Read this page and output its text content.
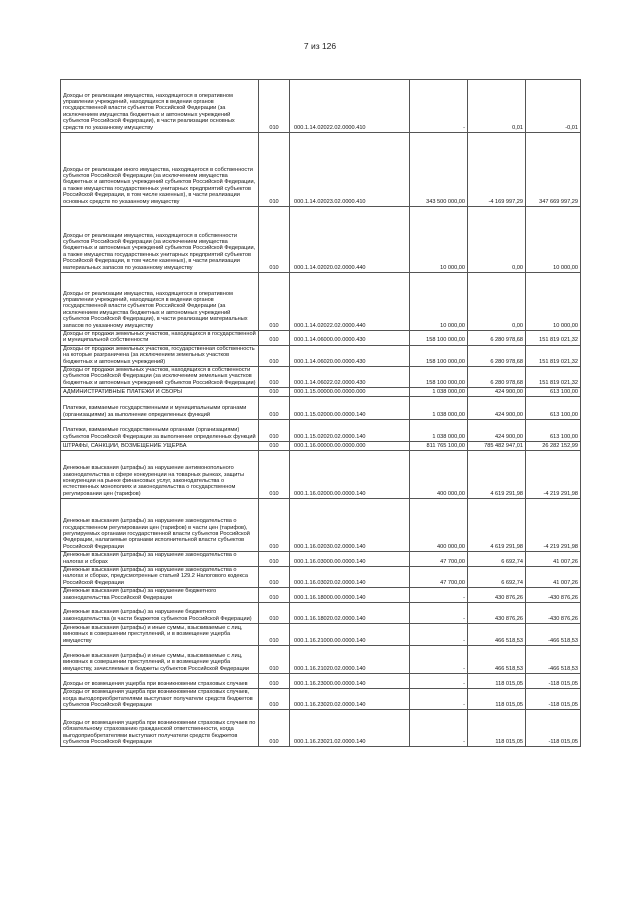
7 из 126
Доходы от реализации имущества, находящегося в оперативном управлении учреждений, находящихся в ведении органов государственной власти субъектов Российской Федерации (за исключением имущества бюджетных и автономных учреждений субъектов Российской Федерации), в части реализации основных средств по указанному имуществу	010	000.1.14.02022.02.0000.410	-	0,01	-0,01
Доходы от реализации иного имущества, находящегося в собственности субъектов Российской Федерации (за исключением имущества бюджетных и автономных учреждений субъектов Российской Федерации, а также имущества государственных унитарных предприятий субъектов Российской Федерации, в том числе казенных), в части реализации основных средств по указанному имуществу	010	000.1.14.02023.02.0000.410	343 500 000,00	-4 169 997,29	347 669 997,29
Доходы от реализации имущества, находящегося в собственности субъектов Российской Федерации (за исключением имущества бюджетных и автономных учреждений субъектов Российской Федерации, а также имущества государственных унитарных предприятий субъектов Российской Федерации, в том числе казенных), в части реализации материальных запасов по указанному имуществу	010	000.1.14.02020.02.0000.440	10 000,00	0,00	10 000,00
Доходы от реализации имущества, находящегося в оперативном управлении учреждений, находящихся в ведении органов государственной власти субъектов Российской Федерации (за исключением имущества бюджетных и автономных учреждений субъектов Российской Федерации), в части реализации материальных запасов по указанному имуществу	010	000.1.14.02022.02.0000.440	10 000,00	0,00	10 000,00
Доходы от продажи земельных участков, находящихся в государственной и муниципальной собственности	010	000.1.14.06000.00.0000.430	158 100 000,00	6 280 978,68	151 819 021,32
Доходы от продажи земельных участков, государственная собственность на которые разграничена (за исключением земельных участков бюджетных и автономных учреждений)	010	000.1.14.06020.00.0000.430	158 100 000,00	6 280 978,68	151 819 021,32
Доходы от продажи земельных участков, находящихся в собственности субъектов Российской Федерации (за исключением земельных участков бюджетных и автономных учреждений субъектов Российской Федерации)	010	000.1.14.06022.02.0000.430	158 100 000,00	6 280 978,68	151 819 021,32
АДМИНИСТРАТИВНЫЕ ПЛАТЕЖИ И СБОРЫ	010	000.1.15.00000.00.0000.000	1 038 000,00	424 900,00	613 100,00
Платежи, взимаемые государственными и муниципальными органами (организациями) за выполнение определенных функций	010	000.1.15.02000.00.0000.140	1 038 000,00	424 900,00	613 100,00
Платежи, взимаемые государственными органами (организациями) субъектов Российской Федерации за выполнение определенных функций	010	000.1.15.02020.02.0000.140	1 038 000,00	424 900,00	613 100,00
ШТРАФЫ, САНКЦИИ, ВОЗМЕЩЕНИЕ УЩЕРБА	010	000.1.16.00000.00.0000.000	811 765 100,00	785 482 947,01	26 282 152,99
Денежные взыскания (штрафы) за нарушение антимонопольного законодательства в сфере конкуренции на товарных рынках, защиты конкуренции на рынке финансовых услуг, законодательства о естественных монополиях и законодательства о государственном регулировании цен (тарифов)	010	000.1.16.02000.00.0000.140	400 000,00	4 619 291,98	-4 219 291,98
Денежные взыскания (штрафы) за нарушение законодательства о государственном регулировании цен (тарифов) в части цен (тарифов), регулируемых органами государственной власти субъектов Российской Федерации, налагаемые органами исполнительной власти субъектов Российской Федерации	010	000.1.16.02030.02.0000.140	400 000,00	4 619 291,98	-4 219 291,98
Денежные взыскания (штрафы) за нарушение законодательства о налогах и сборах	010	000.1.16.03000.00.0000.140	47 700,00	6 692,74	41 007,26
Денежные взыскания (штрафы) за нарушение законодательства о налогах и сборах, предусмотренные статьей 129.2 Налогового кодекса Российской Федерации	010	000.1.16.03020.02.0000.140	47 700,00	6 692,74	41 007,26
Денежные взыскания (штрафы) за нарушение бюджетного законодательства Российской Федерации	010	000.1.16.18000.00.0000.140	-	430 876,26	-430 876,26
Денежные взыскания (штрафы) за нарушение бюджетного законодательства (в части бюджетов субъектов Российской Федерации)	010	000.1.16.18020.02.0000.140	-	430 876,26	-430 876,26
Денежные взыскания (штрафы) и иные суммы, взыскиваемые с лиц, виновных в совершении преступлений, и в возмещение ущерба имуществу	010	000.1.16.21000.00.0000.140	-	466 518,53	-466 518,53
Денежные взыскания (штрафы) и иные суммы, взыскиваемые с лиц, виновных в совершении преступлений, и в возмещение ущерба имуществу, зачисляемые в бюджеты субъектов Российской Федерации	010	000.1.16.21020.02.0000.140	-	466 518,53	-466 518,53
Доходы от возмещения ущерба при возникновении страховых случаев	010	000.1.16.23000.00.0000.140	-	118 015,05	-118 015,05
Доходы от возмещения ущерба при возникновении страховых случаев, когда выгодоприобретателями выступают получатели средств бюджетов субъектов Российской Федерации	010	000.1.16.23020.02.0000.140	-	118 015,05	-118 015,05
Доходы от возмещения ущерба при возникновении страховых случаев по обязательному страхованию гражданской ответственности, когда выгодоприобретателями выступают получатели средств бюджетов субъектов Российской Федерации	010	000.1.16.23021.02.0000.140	-	118 015,05	-118 015,05
